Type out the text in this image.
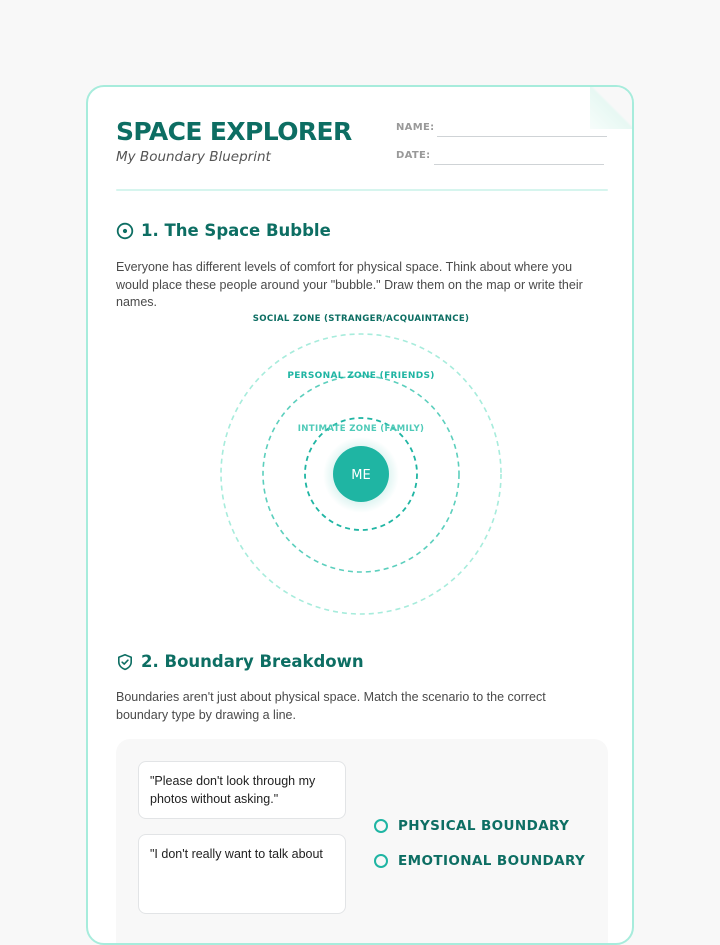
SPACE EXPLORER
My Boundary Blueprint
NAME:
DATE:
1. The Space Bubble

Everyone has different levels of comfort for physical space. Think about where you would place these people around your "bubble." Draw them on the map or write their names.

SOCIAL ZONE (STRANGER/ACQUAINTANCE)
PERSONAL ZONE (FRIENDS)
INTIMATE ZONE (FAMILY)
ME
2. Boundary Breakdown

Boundaries aren't just about physical space. Match the scenario to the correct boundary type by drawing a line.

"Please don't look through my photos without asking."
"I don't really want to talk about
PHYSICAL BOUNDARY
EMOTIONAL BOUNDARY
